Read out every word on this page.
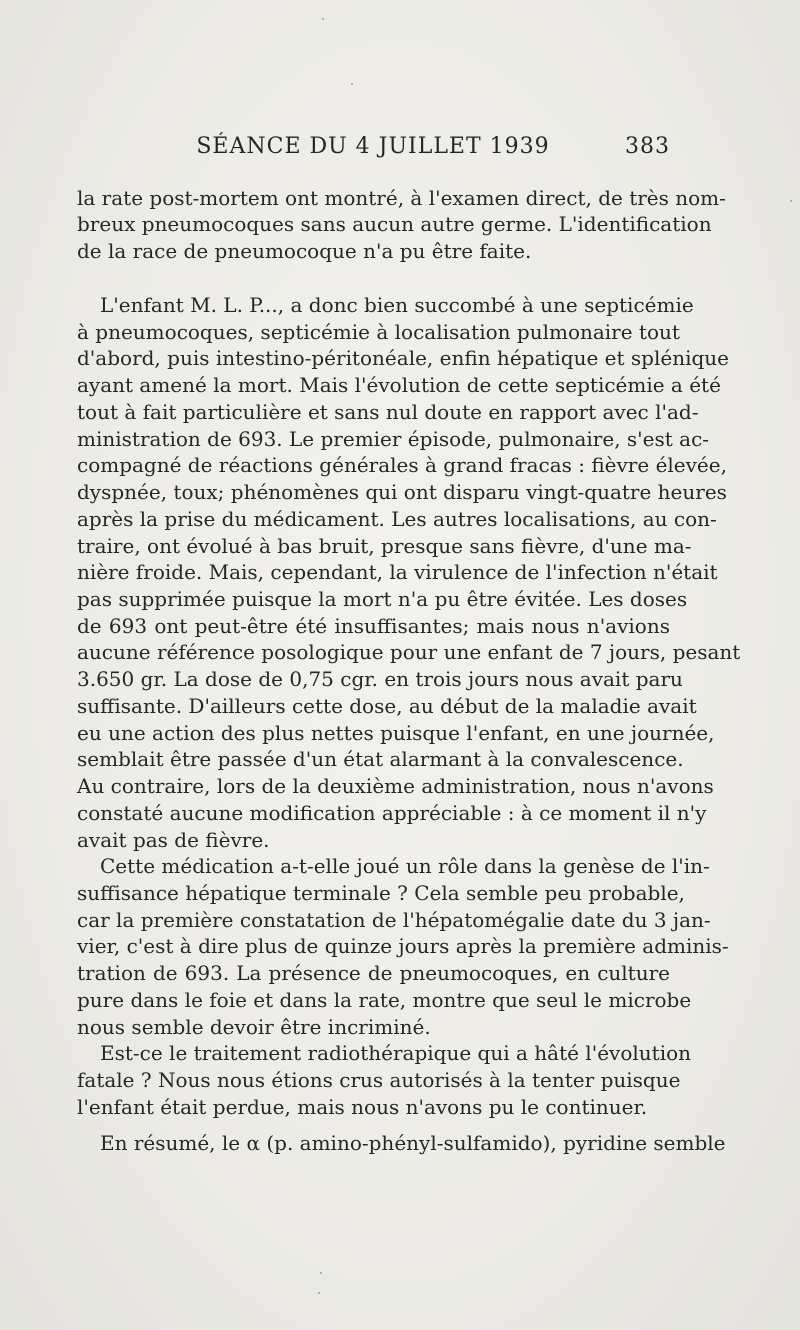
SÉANCE DU 4 JUILLET 1939	383
la rate post-mortem ont montré, à l'examen direct, de très nom-
breux pneumocoques sans aucun autre germe. L'identification
de la race de pneumocoque n'a pu être faite.
L'enfant M. L. P..., a donc bien succombé à une septicémie
à pneumocoques, septicémie à localisation pulmonaire tout
d'abord, puis intestino-péritonéale, enfin hépatique et splénique
ayant amené la mort. Mais l'évolution de cette septicémie a été
tout à fait particulière et sans nul doute en rapport avec l'ad-
ministration de 693. Le premier épisode, pulmonaire, s'est ac-
compagné de réactions générales à grand fracas : fièvre élevée,
dyspnée, toux; phénomènes qui ont disparu vingt-quatre heures
après la prise du médicament. Les autres localisations, au con-
traire, ont évolué à bas bruit, presque sans fièvre, d'une ma-
nière froide. Mais, cependant, la virulence de l'infection n'était
pas supprimée puisque la mort n'a pu être évitée. Les doses
de 693 ont peut-être été insuffisantes; mais nous n'avions
aucune référence posologique pour une enfant de 7 jours, pesant
3.650 gr. La dose de 0,75 cgr. en trois jours nous avait paru
suffisante. D'ailleurs cette dose, au début de la maladie avait
eu une action des plus nettes puisque l'enfant, en une journée,
semblait être passée d'un état alarmant à la convalescence.
Au contraire, lors de la deuxième administration, nous n'avons
constaté aucune modification appréciable : à ce moment il n'y
avait pas de fièvre.
Cette médication a-t-elle joué un rôle dans la genèse de l'in-
suffisance hépatique terminale ? Cela semble peu probable,
car la première constatation de l'hépatomégalie date du 3 jan-
vier, c'est à dire plus de quinze jours après la première adminis-
tration de 693. La présence de pneumocoques, en culture
pure dans le foie et dans la rate, montre que seul le microbe
nous semble devoir être incriminé.
Est-ce le traitement radiothérapique qui a hâté l'évolution
fatale ? Nous nous étions crus autorisés à la tenter puisque
l'enfant était perdue, mais nous n'avons pu le continuer.
En résumé, le α (p. amino-phényl-sulfamido), pyridine semble
